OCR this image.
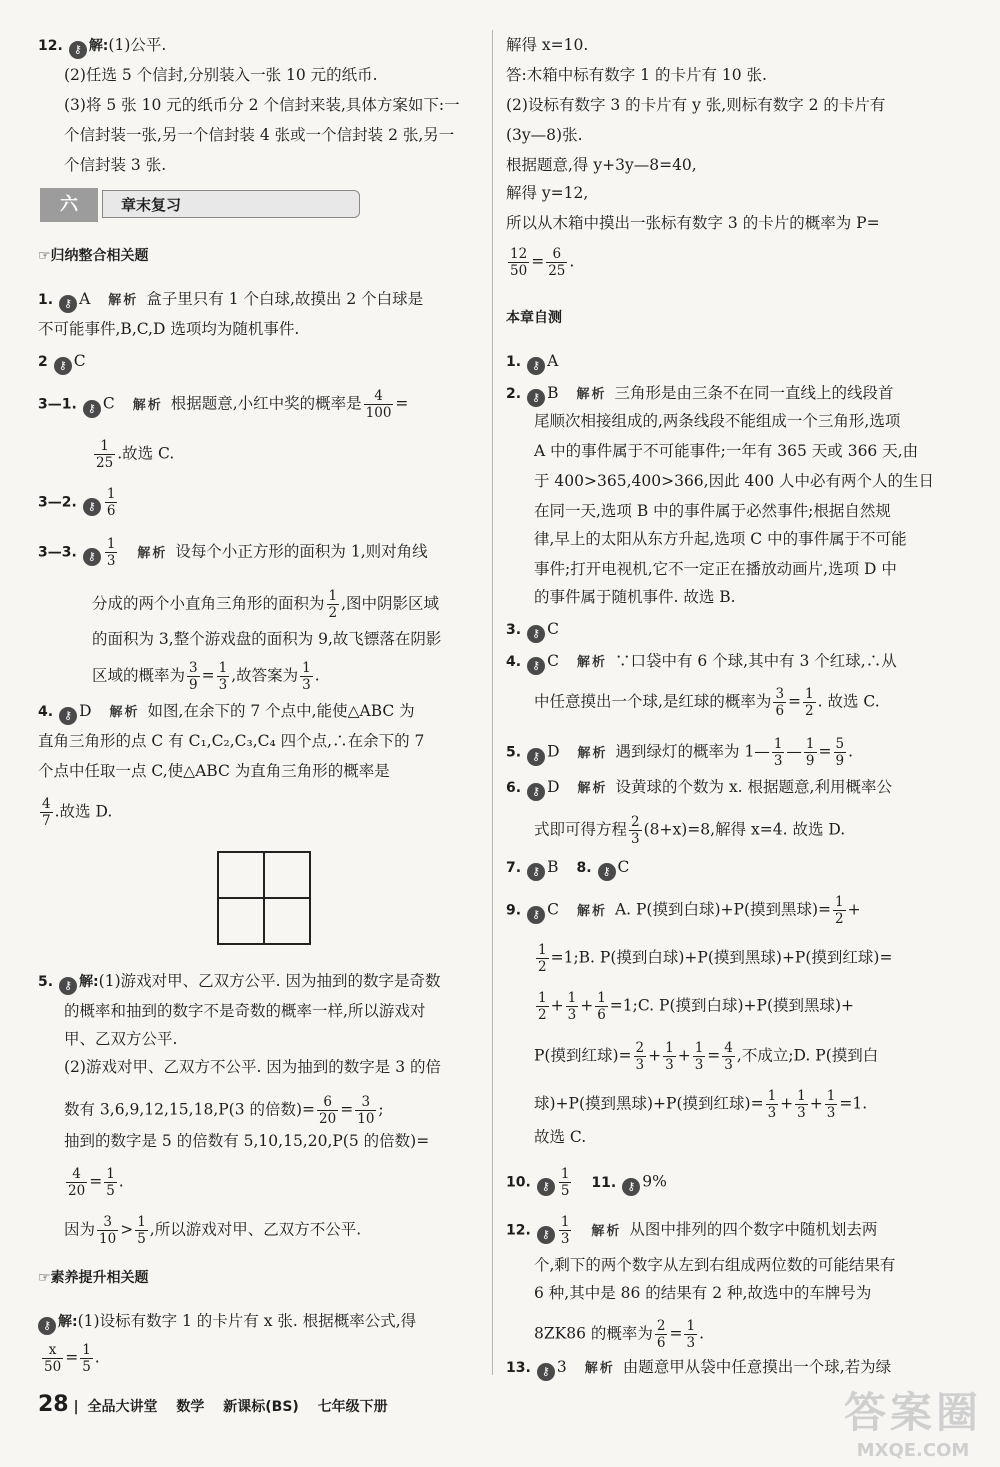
12. ⚷ 解:(1)公平.
(2)任选 5 个信封,分别装入一张 10 元的纸币.
(3)将 5 张 10 元的纸币分 2 个信封来装,具体方案如下:一
个信封装一张,另一个信封装 4 张或一个信封装 2 张,另一
个信封装 3 张.
☞归纳整合相关题
1. ⚷ A 解析 盒子里只有 1 个白球,故摸出 2 个白球是
不可能事件,B,C,D 选项均为随机事件.
2 ⚷ C
3—1. ⚷ C 解析 根据题意,小红中奖的概率是 $\frac{4}{100}$ =
$\frac{1}{25}$ .故选 C.
3—2. ⚷ $\frac{1}{6}$
3—3. ⚷ $\frac{1}{3}$ 解析 设每个小正方形的面积为 1,则对角线
分成的两个小直角三角形的面积为 $\frac{1}{2}$ ,图中阴影区域
的面积为 3,整个游戏盘的面积为 9,故飞镖落在阴影
区域的概率为 $\frac{3}{9} = \frac{1}{3}$ ,故答案为 $\frac{1}{3}$ .
4. ⚷ D 解析 如图,在余下的 7 个点中,能使△ABC 为
直角三角形的点 C 有 C₁,C₂,C₃,C₄ 四个点,∴在余下的 7
个点中任取一点 C,使△ABC 为直角三角形的概率是
$\frac{4}{7}$ .故选 D.
5. ⚷ 解:(1)游戏对甲、乙双方公平. 因为抽到的数字是奇数
的概率和抽到的数字不是奇数的概率一样,所以游戏对
甲、乙双方公平.
(2)游戏对甲、乙双方不公平. 因为抽到的数字是 3 的倍
数有 3,6,9,12,15,18,P(3 的倍数)= $\frac{6}{20} = \frac{3}{10}$ ;
抽到的数字是 5 的倍数有 5,10,15,20,P(5 的倍数)=
$\frac{4}{20} = \frac{1}{5}$ .
因为 $\frac{3}{10} > \frac{1}{5}$ ,所以游戏对甲、乙双方不公平.
☞素养提升相关题
⚷ 解:(1)设标有数字 1 的卡片有 x 张. 根据概率公式,得
$\frac{x}{50} = \frac{1}{5}$ .
六	章末复习
解得 x=10.
答:木箱中标有数字 1 的卡片有 10 张.
(2)设标有数字 3 的卡片有 y 张,则标有数字 2 的卡片有
(3y—8)张.
根据题意,得 y+3y—8=40,
解得 y=12,
所以从木箱中摸出一张标有数字 3 的卡片的概率为 P=
$\frac{12}{50} = \frac{6}{25}$ .
本章自测
1. ⚷ A
2. ⚷ B 解析 三角形是由三条不在同一直线上的线段首
尾顺次相接组成的,两条线段不能组成一个三角形,选项
A 中的事件属于不可能事件;一年有 365 天或 366 天,由
于 400>365,400>366,因此 400 人中必有两个人的生日
在同一天,选项 B 中的事件属于必然事件;根据自然规
律,早上的太阳从东方升起,选项 C 中的事件属于不可能
事件;打开电视机,它不一定正在播放动画片,选项 D 中
的事件属于随机事件. 故选 B.
3. ⚷ C
4. ⚷ C 解析 ∵口袋中有 6 个球,其中有 3 个红球,∴从
中任意摸出一个球,是红球的概率为 $\frac{3}{6} = \frac{1}{2}$ . 故选 C.
5. ⚷ D 解析 遇到绿灯的概率为 1— $\frac{1}{3}$ — $\frac{1}{9} = \frac{5}{9}$ .
6. ⚷ D 解析 设黄球的个数为 x. 根据题意,利用概率公
式即可得方程 $\frac{2}{3} (8+x)=8$,解得 x=4. 故选 D.
7. ⚷ B 8. ⚷ C
9. ⚷ C 解析 A. P(摸到白球)+P(摸到黑球)= $\frac{1}{2}$ +
$\frac{1}{2}$ =1;B. P(摸到白球)+P(摸到黑球)+P(摸到红球)=
$\frac{1}{2} + \frac{1}{3} + \frac{1}{6}$ =1;C. P(摸到白球)+P(摸到黑球)+
P(摸到红球)= $\frac{2}{3} + \frac{1}{3} + \frac{1}{3} = \frac{4}{3}$ ,不成立;D. P(摸到白
球)+P(摸到黑球)+P(摸到红球)= $\frac{1}{3} + \frac{1}{3} + \frac{1}{3} =1$.
故选 C.
10. ⚷ $\frac{1}{5} 11$. ⚷ 9%
12. ⚷ $\frac{1}{3}$ 解析 从图中排列的四个数字中随机划去两
个,剩下的两个数字从左到右组成两位数的可能结果有
6 种,其中是 86 的结果有 2 种,故选中的车牌号为
8ZK86 的概率为 $\frac{2}{6} = \frac{1}{3}$ .
13. ⚷ 3 解析 由题意甲从袋中任意摸出一个球,若为绿
28 | 全品大讲堂 数学 新课标(BS) 七年级下册	答案圈
MXQE.COM
